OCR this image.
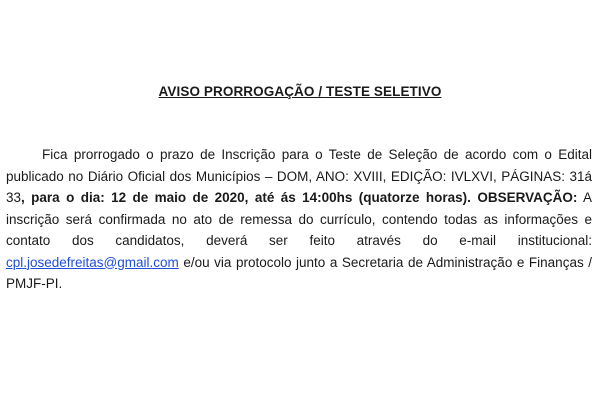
AVISO PRORROGAÇÃO / TESTE SELETIVO

Fica prorrogado o prazo de Inscrição para o Teste de Seleção de acordo com o Edital publicado no Diário Oficial dos Municípios – DOM, ANO: XVIII, EDIÇÃO: IVLXVI, PÁGINAS: 31á 33, para o dia: 12 de maio de 2020, até ás 14:00hs (quatorze horas). OBSERVAÇÃO: A inscrição será confirmada no ato de remessa do currículo, contendo todas as informações e contato dos candidatos, deverá ser feito através do e-mail institucional: cpl.josedefreitas@gmail.com e/ou via protocolo junto a Secretaria de Administração e Finanças / PMJF-PI.
